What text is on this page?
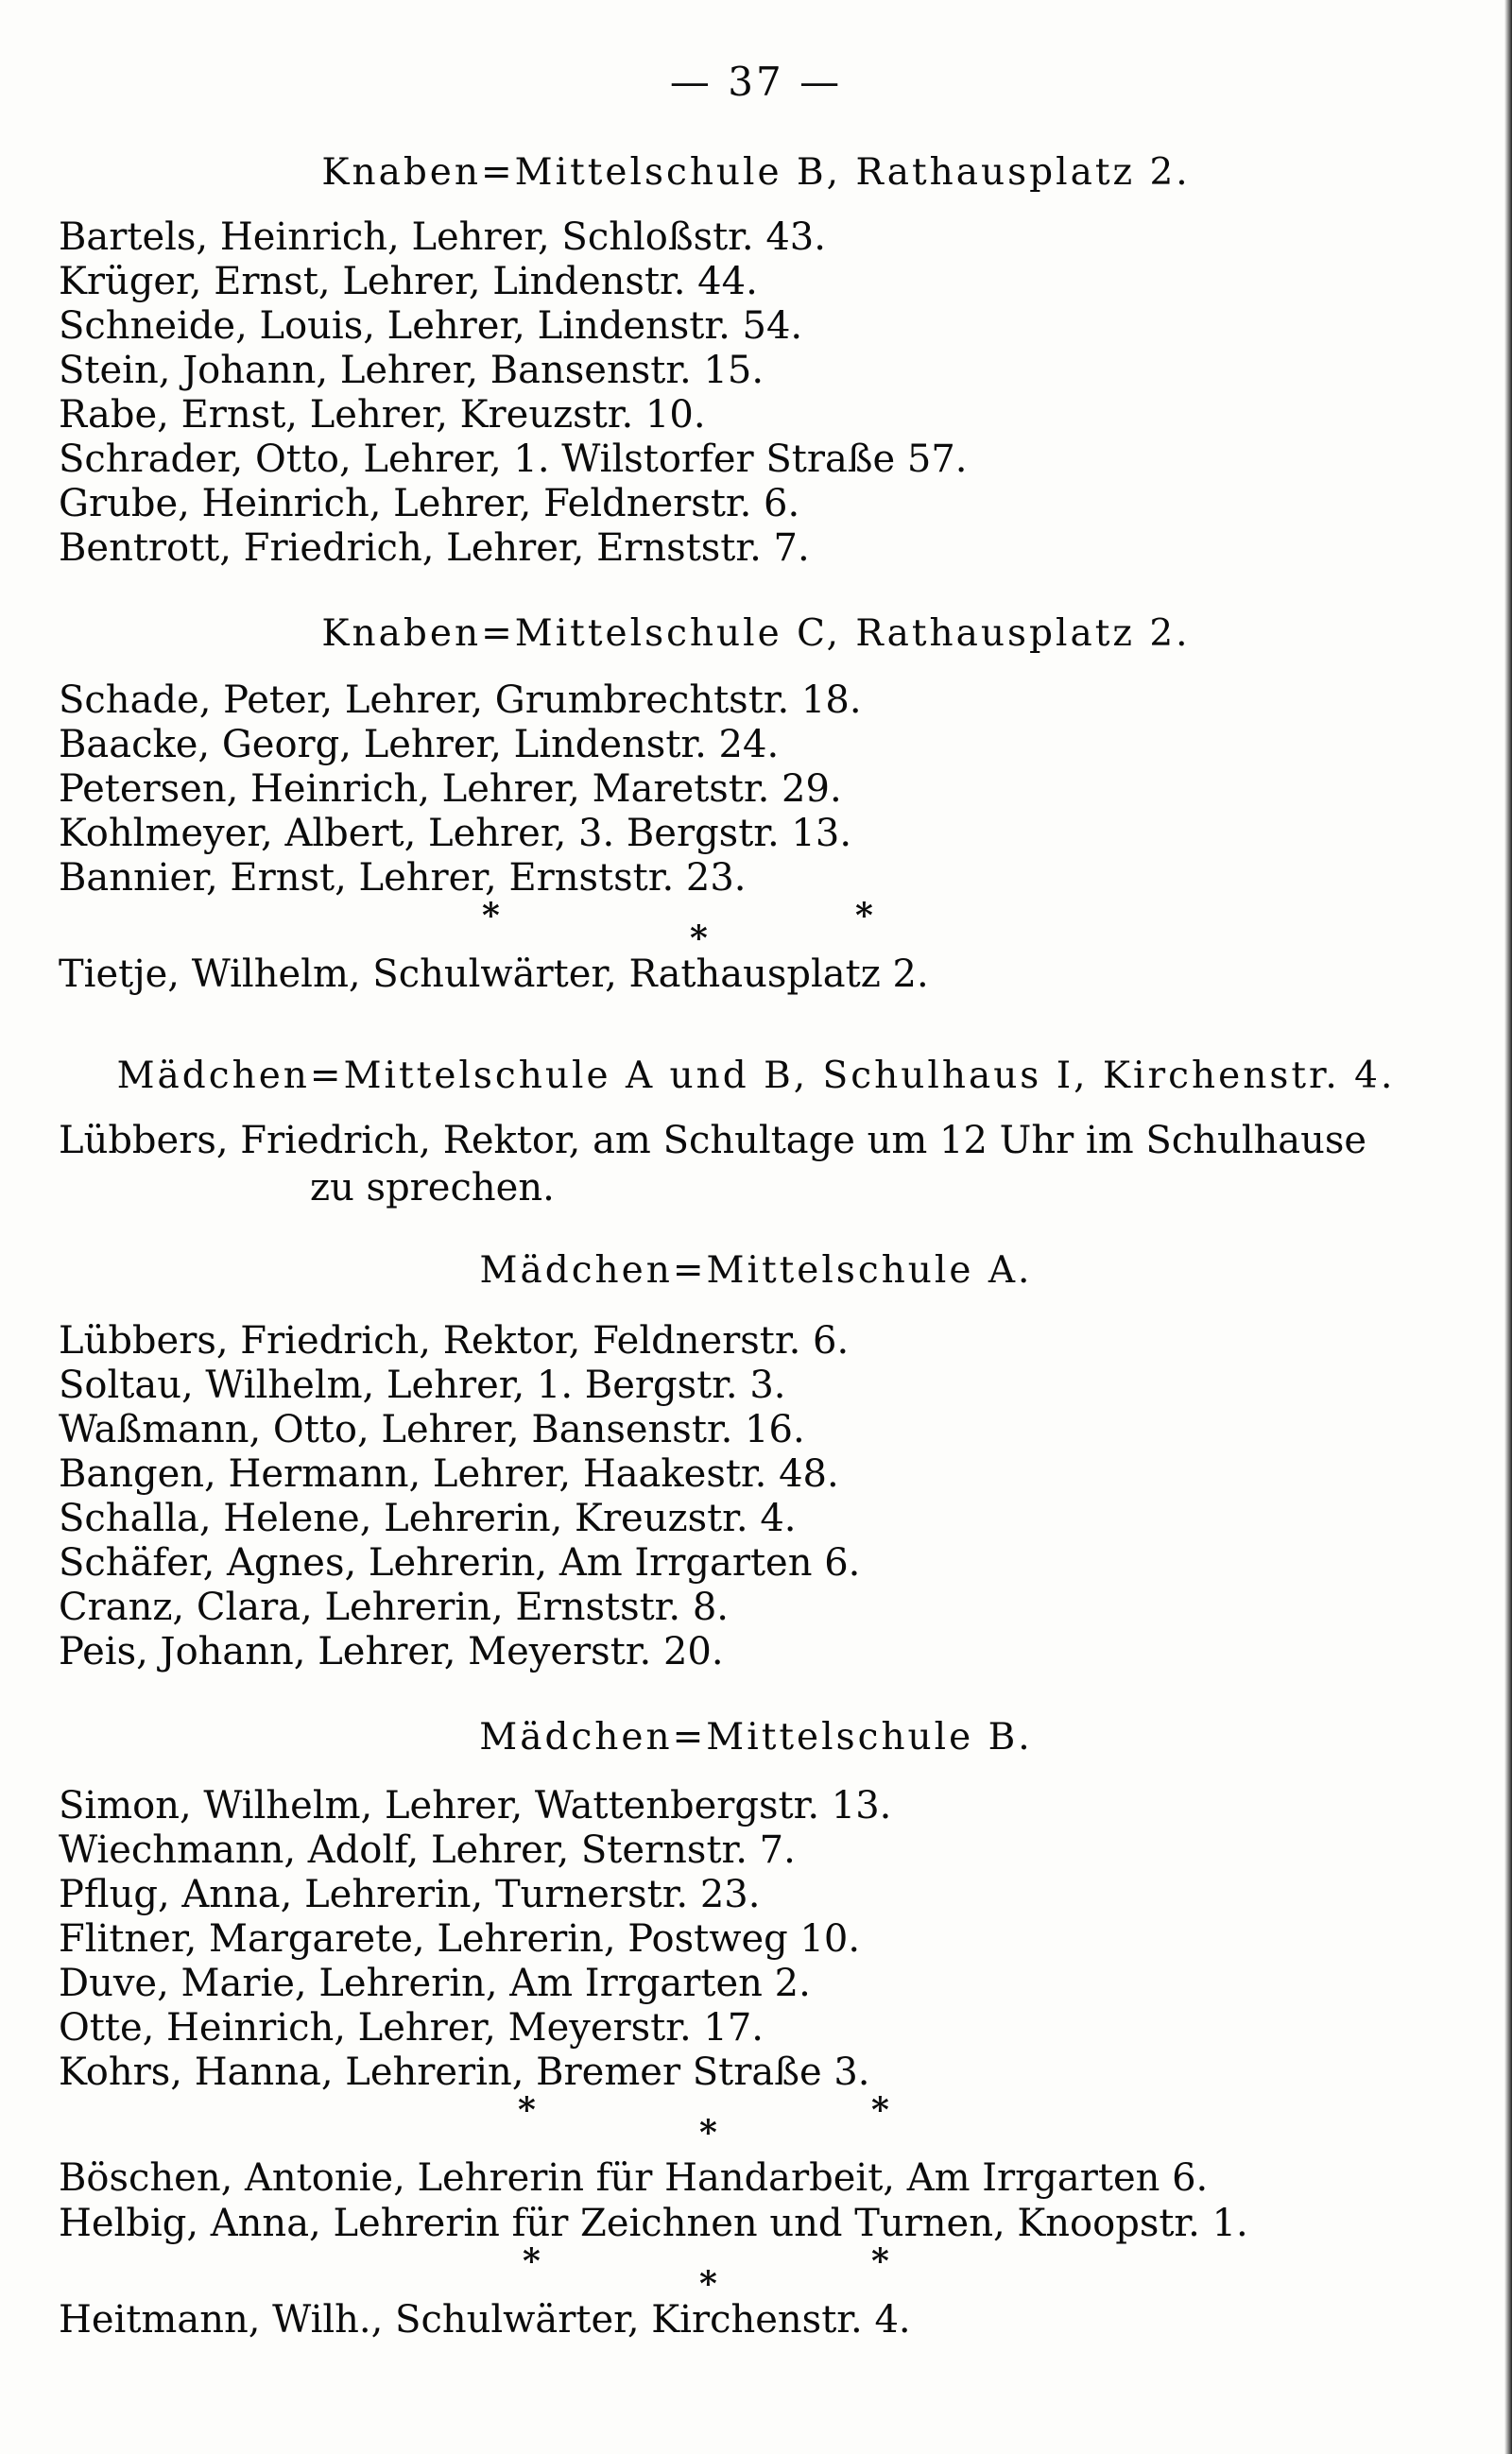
— 37 —
Knaben=Mittelschule B, Rathausplatz 2.
Bartels, Heinrich, Lehrer, Schloßstr. 43.
Krüger, Ernst, Lehrer, Lindenstr. 44.
Schneide, Louis, Lehrer, Lindenstr. 54.
Stein, Johann, Lehrer, Bansenstr. 15.
Rabe, Ernst, Lehrer, Kreuzstr. 10.
Schrader, Otto, Lehrer, 1. Wilstorfer Straße 57.
Grube, Heinrich, Lehrer, Feldnerstr. 6.
Bentrott, Friedrich, Lehrer, Ernststr. 7.
Knaben=Mittelschule C, Rathausplatz 2.
Schade, Peter, Lehrer, Grumbrechtstr. 18.
Baacke, Georg, Lehrer, Lindenstr. 24.
Petersen, Heinrich, Lehrer, Maretstr. 29.
Kohlmeyer, Albert, Lehrer, 3. Bergstr. 13.
Bannier, Ernst, Lehrer, Ernststr. 23.
*
*
*
Tietje, Wilhelm, Schulwärter, Rathausplatz 2.
Mädchen=Mittelschule A und B, Schulhaus I, Kirchenstr. 4.
Lübbers, Friedrich, Rektor, am Schultage um 12 Uhr im Schulhause
zu sprechen.
Mädchen=Mittelschule A.
Lübbers, Friedrich, Rektor, Feldnerstr. 6.
Soltau, Wilhelm, Lehrer, 1. Bergstr. 3.
Waßmann, Otto, Lehrer, Bansenstr. 16.
Bangen, Hermann, Lehrer, Haakestr. 48.
Schalla, Helene, Lehrerin, Kreuzstr. 4.
Schäfer, Agnes, Lehrerin, Am Irrgarten 6.
Cranz, Clara, Lehrerin, Ernststr. 8.
Peis, Johann, Lehrer, Meyerstr. 20.
Mädchen=Mittelschule B.
Simon, Wilhelm, Lehrer, Wattenbergstr. 13.
Wiechmann, Adolf, Lehrer, Sternstr. 7.
Pflug, Anna, Lehrerin, Turnerstr. 23.
Flitner, Margarete, Lehrerin, Postweg 10.
Duve, Marie, Lehrerin, Am Irrgarten 2.
Otte, Heinrich, Lehrer, Meyerstr. 17.
Kohrs, Hanna, Lehrerin, Bremer Straße 3.
*
*
*
Böschen, Antonie, Lehrerin für Handarbeit, Am Irrgarten 6.
Helbig, Anna, Lehrerin für Zeichnen und Turnen, Knoopstr. 1.
*
*
*
Heitmann, Wilh., Schulwärter, Kirchenstr. 4.
